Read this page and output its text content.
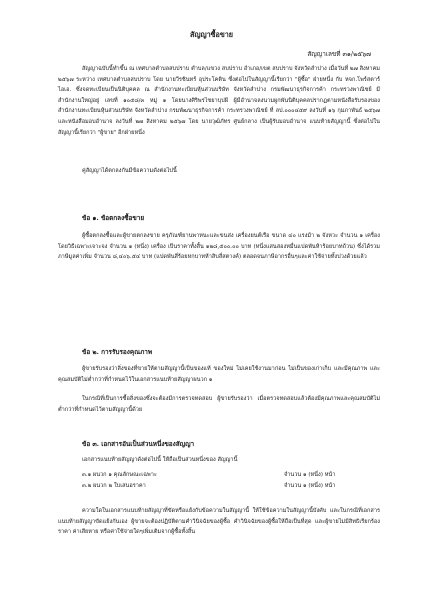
สัญญาซื้อขาย
สัญญาเลขที่ ๓๑/๒๕๖๗
สัญญาฉบับนี้ทำขึ้น ณ เทศบาลตำบลสบปราบ ตำบล/แขวง สบปราบ อำเภอ/เขต สบปราบ จังหวัดลำปาง เมื่อวันที่ ๒๗ สิงหาคม ๒๕๖๗ ระหว่าง เทศบาลตำบลสบปราบ โดย นายวีรชินทร์ อุประโคติน ซึ่งต่อไปในสัญญานี้เรียกว่า "ผู้ซื้อ" ฝ่ายหนึ่ง กับ หจก.โพร์สตาร์ ไอเอ. ซึ่งจดทะเบียนเป็นนิติบุคคล ณ สำนักงานทะเบียนหุ้นส่วนบริษัท จังหวัดลำปาง กรมพัฒนาธุรกิจการค้า กระทรวงพาณิชย์ มีสำนักงานใหญ่อยู่ เลขที่ ๑๐๕๘/๓ หมู่ ๑ โดยนางศิริพรไชยาบุปผี ผู้มีอำนาจลงนามผูกพันนิติบุคคลปรากฏตามหนังสือรับรองของ สำนักงานทะเบียนหุ้นส่วนบริษัท จังหวัดลำปาง กรมพัฒนาธุรกิจการค้า กระทรวงพาณิชย์ ที่ ลป.๐๐๐๔๕๙ ลงวันที่ ๑๖ กุมภาพันธ์ ๒๕๖๗ และหนังสือมอบอำนาจ ลงวันที่ ๒๗ สิงหาคม ๒๕๖๗ โดย นายวุฒิภัทร ศูนย์กลาง เป็นผู้รับมอบอำนาจ แนบท้ายสัญญานี้ ซึ่งต่อไปในสัญญานี้เรียกว่า "ผู้ขาย" อีกฝ่ายหนึ่ง
คู่สัญญาได้ตกลงกันมีข้อความดังต่อไปนี้
ข้อ ๑. ข้อตกลงซื้อขาย
ผู้ซื้อตกลงซื้อและผู้ขายตกลงขาย ครุภัณฑ์ยานพาหนะและขนส่ง เครื่องยนต์เรือ ขนาด ๔๐ แรงม้า ๒ จังหวะ จำนวน ๑ เครื่อง โดยวิธีเฉพาะเจาะจง จำนวน ๑ (หนึ่ง) เครื่อง เป็นราคาทั้งสิ้น ๑๒๘,๕๐๐.๐๐ บาท (หนึ่งแสนสองหมื่นแปดพันห้าร้อยบาทถ้วน) ซึ่งได้รวมภาษีมูลค่าเพิ่ม จำนวน ๘,๔๐๖.๕๔ บาท (แปดพันสี่ร้อยหกบาทห้าสิบสี่สตางค์) ตลอดจนภาษีอากรอื่นๆและค่าใช้จ่ายทั้งปวงด้วยแล้ว
ข้อ ๒. การรับรองคุณภาพ
ผู้ขายรับรองว่าสิ่งของที่ขายให้ตามสัญญานี้เป็นของแท้ ของใหม่ ไม่เคยใช้งานมาก่อน ไม่เป็นของเก่าเก็บ และมีคุณภาพ และคุณสมบัติไม่ต่ำกว่าที่กำหนดไว้ในเอกสารแนบท้ายสัญญาผนวก ๑
ในกรณีที่เป็นการซื้อสิ่งของซึ่งจะต้องมีการตรวจทดสอบ ผู้ขายรับรองว่า เมื่อตรวจทดสอบแล้วต้องมีคุณภาพและคุณสมบัติไม่ต่ำกว่าที่กำหนดไว้ตามสัญญานี้ด้วย
ข้อ ๓. เอกสารอันเป็นส่วนหนึ่งของสัญญา
เอกสารแนบท้ายสัญญาดังต่อไปนี้ ให้ถือเป็นส่วนหนึ่งของ สัญญานี้
๓.๑ ผนวก ๑ คุณลักษณะเฉพาะ	จำนวน ๑ (หนึ่ง) หน้า
๓.๒ ผนวก ๒ ใบเสนอราคา	จำนวน ๑ (หนึ่ง) หน้า
ความใดในเอกสารแนบท้ายสัญญาที่ขัดหรือแย้งกับข้อความในสัญญานี้ ให้ใช้ข้อความในสัญญานี้บังคับ และในกรณีที่เอกสารแนบท้ายสัญญาขัดแย้งกันเอง ผู้ขายจะต้องปฏิบัติตามคำวินิจฉัยของผู้ซื้อ คำวินิจฉัยของผู้ซื้อให้ถือเป็นที่สุด และผู้ขายไม่มีสิทธิเรียกร้องราคา ค่าเสียหาย หรือค่าใช้จ่ายใดๆเพิ่มเติมจากผู้ซื้อทั้งสิ้น
